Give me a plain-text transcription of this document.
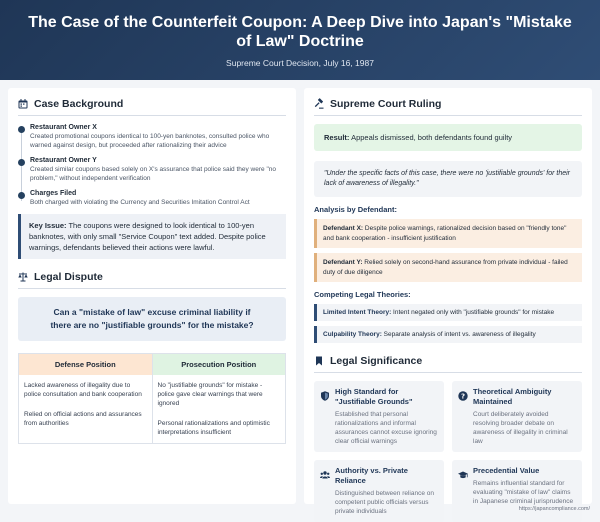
The Case of the Counterfeit Coupon: A Deep Dive into Japan's "Mistake of Law" Doctrine
Supreme Court Decision, July 16, 1987
Case Background
Restaurant Owner X
Created promotional coupons identical to 100-yen banknotes, consulted police who warned against design, but proceeded after rationalizing their advice
Restaurant Owner Y
Created similar coupons based solely on X's assurance that police said they were "no problem," without independent verification
Charges Filed
Both charged with violating the Currency and Securities Imitation Control Act
Key Issue: The coupons were designed to look identical to 100-yen banknotes, with only small "Service Coupon" text added. Despite police warnings, defendants believed their actions were lawful.
Legal Dispute
Can a "mistake of law" excuse criminal liability if there are no "justifiable grounds" for the mistake?
Defense Position
Lacked awareness of illegality due to police consultation and bank cooperation
Relied on official actions and assurances from authorities
Prosecution Position
No "justifiable grounds" for mistake - police gave clear warnings that were ignored
Personal rationalizations and optimistic interpretations insufficient
Supreme Court Ruling
Result: Appeals dismissed, both defendants found guilty
"Under the specific facts of this case, there were no 'justifiable grounds' for their lack of awareness of illegality."
Analysis by Defendant:
Defendant X: Despite police warnings, rationalized decision based on "friendly tone" and bank cooperation - insufficient justification
Defendant Y: Relied solely on second-hand assurance from private individual - failed duty of due diligence
Competing Legal Theories:
Limited Intent Theory: Intent negated only with "justifiable grounds" for mistake
Culpability Theory: Separate analysis of intent vs. awareness of illegality
Legal Significance
High Standard for "Justifiable Grounds"
Established that personal rationalizations and informal assurances cannot excuse ignoring clear official warnings
?
Theoretical Ambiguity Maintained
Court deliberately avoided resolving broader debate on awareness of illegality in criminal law
Authority vs. Private Reliance
Distinguished between reliance on competent public officials versus private individuals
Precedential Value
Remains influential standard for evaluating "mistake of law" claims in Japanese criminal jurisprudence
https://japancompliance.com/
